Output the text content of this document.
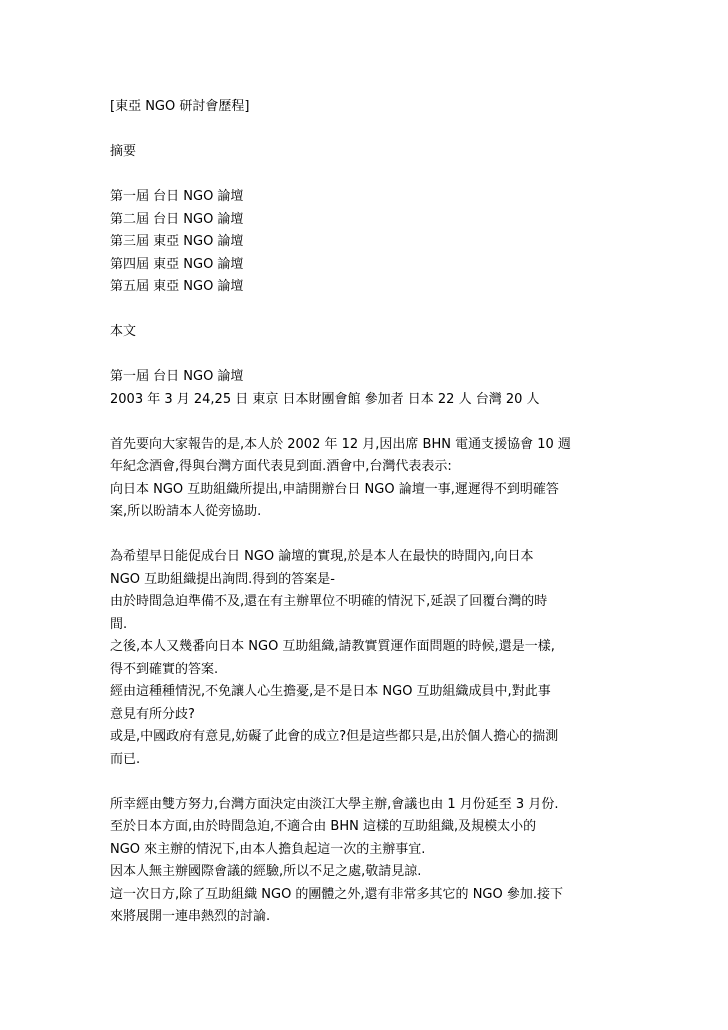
[東亞 NGO 研討會歷程]
摘要
第一屆 台日 NGO 論壇
第二屆 台日 NGO 論壇
第三屆 東亞 NGO 論壇
第四屆 東亞 NGO 論壇
第五屆 東亞 NGO 論壇
本文
第一屆 台日 NGO 論壇
2003 年 3 月 24,25 日 東京 日本財團會館 參加者 日本 22 人 台灣 20 人
首先要向大家報告的是,本人於 2002 年 12 月,因出席 BHN 電通支援協會 10 週
年紀念酒會,得與台灣方面代表見到面.酒會中,台灣代表表示:
向日本 NGO 互助組織所提出,申請開辦台日 NGO 論壇一事,遲遲得不到明確答
案,所以盼請本人從旁協助.
為希望早日能促成台日 NGO 論壇的實現,於是本人在最快的時間內,向日本
NGO 互助組織提出詢問.得到的答案是-
由於時間急迫準備不及,還在有主辦單位不明確的情況下,延誤了回覆台灣的時
間.
之後,本人又幾番向日本 NGO 互助組織,請教實質運作面問題的時候,還是一樣,
得不到確實的答案.
經由這種種情況,不免讓人心生擔憂,是不是日本 NGO 互助組織成員中,對此事
意見有所分歧?
或是,中國政府有意見,妨礙了此會的成立?但是這些都只是,出於個人擔心的揣測
而已.
所幸經由雙方努力,台灣方面決定由淡江大學主辦,會議也由 1 月份延至 3 月份.
至於日本方面,由於時間急迫,不適合由 BHN 這樣的互助組織,及規模太小的
NGO 來主辦的情況下,由本人擔負起這一次的主辦事宜.
因本人無主辦國際會議的經驗,所以不足之處,敬請見諒.
這一次日方,除了互助組織 NGO 的團體之外,還有非常多其它的 NGO 參加.接下
來將展開一連串熱烈的討論.
